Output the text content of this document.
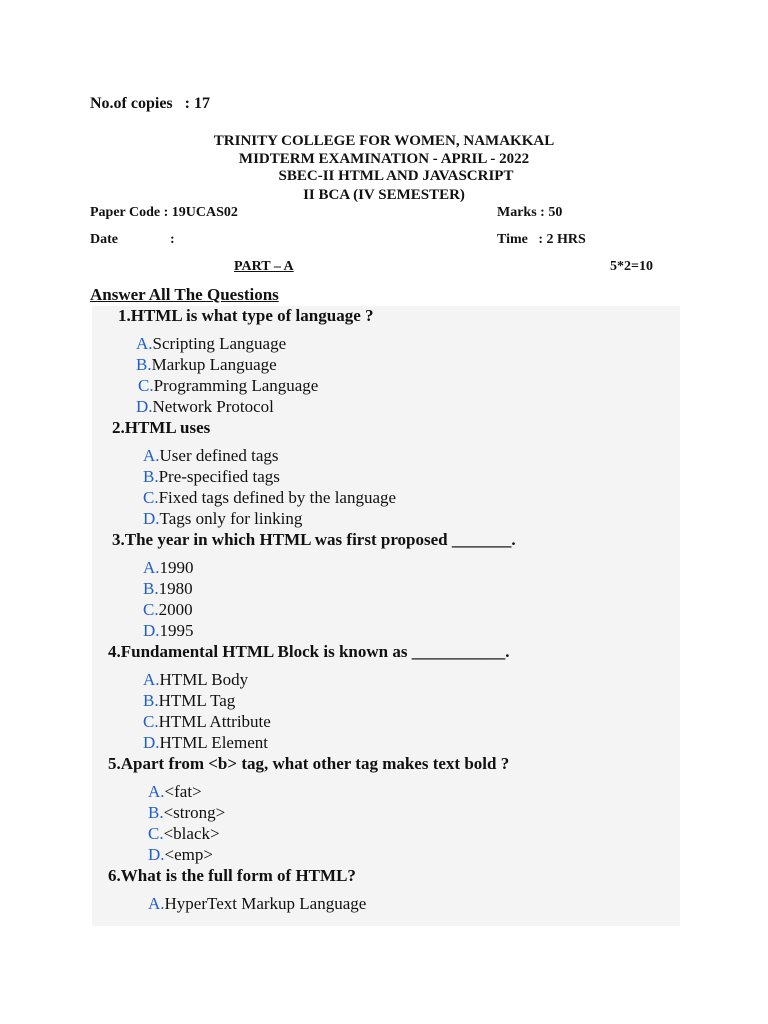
No.of copies : 17
TRINITY COLLEGE FOR WOMEN, NAMAKKAL
MIDTERM EXAMINATION - APRIL - 2022
SBEC-II HTML AND JAVASCRIPT
II BCA (IV SEMESTER)
Paper Code : 19UCAS02	Marks : 50
Date	:	Time   : 2 HRS
PART – A	5*2=10
Answer All The Questions
1.HTML is what type of language ?
A.Scripting Language
B.Markup Language
C.Programming Language
D.Network Protocol
2.HTML uses
A.User defined tags
B.Pre-specified tags
C.Fixed tags defined by the language
D.Tags only for linking
3.The year in which HTML was first proposed _______.
A.1990
B.1980
C.2000
D.1995
4.Fundamental HTML Block is known as ___________.
A.HTML Body
B.HTML Tag
C.HTML Attribute
D.HTML Element
5.Apart from <b> tag, what other tag makes text bold ?
A.<fat>
B.<strong>
C.<black>
D.<emp>
6.What is the full form of HTML?
A.HyperText Markup Language
